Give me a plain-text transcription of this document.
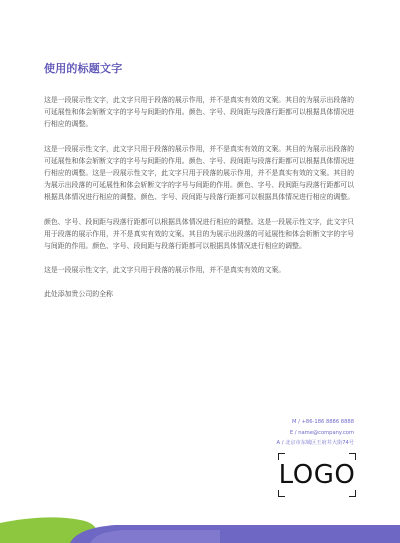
使用的标题文字

这是一段展示性文字，此文字只用于段落的展示作用，并不是真实有效的文案。其目的为展示出段落的可延展性和体会斩断文字的字号与间距的作用。颜色、字号、段间距与段落行距都可以根据具体情况进行相应的调整。

这是一段展示性文字，此文字只用于段落的展示作用，并不是真实有效的文案。其目的为展示出段落的可延展性和体会斩断文字的字号与间距的作用。颜色、字号、段间距与段落行距都可以根据具体情况进行相应的调整。这是一段展示性文字，此文字只用于段落的展示作用，并不是真实有效的文案。其目的为展示出段落的可延展性和体会斩断文字的字号与间距的作用。颜色、字号、段间距与段落行距都可以根据具体情况进行相应的调整。颜色、字号、段间距与段落行距都可以根据具体情况进行相应的调整。

颜色、字号、段间距与段落行距都可以根据具体情况进行相应的调整。这是一段展示性文字，此文字只用于段落的展示作用，并不是真实有效的文案。其目的为展示出段落的可延展性和体会斩断文字的字号与间距的作用。颜色、字号、段间距与段落行距都可以根据具体情况进行相应的调整。

这是一段展示性文字，此文字只用于段落的展示作用，并不是真实有效的文案。

此处添加贵公司的全称

M / +86-186 8886 8888
E / name@company.com
A / 北京市东城区王府井大街74号
LOGO
